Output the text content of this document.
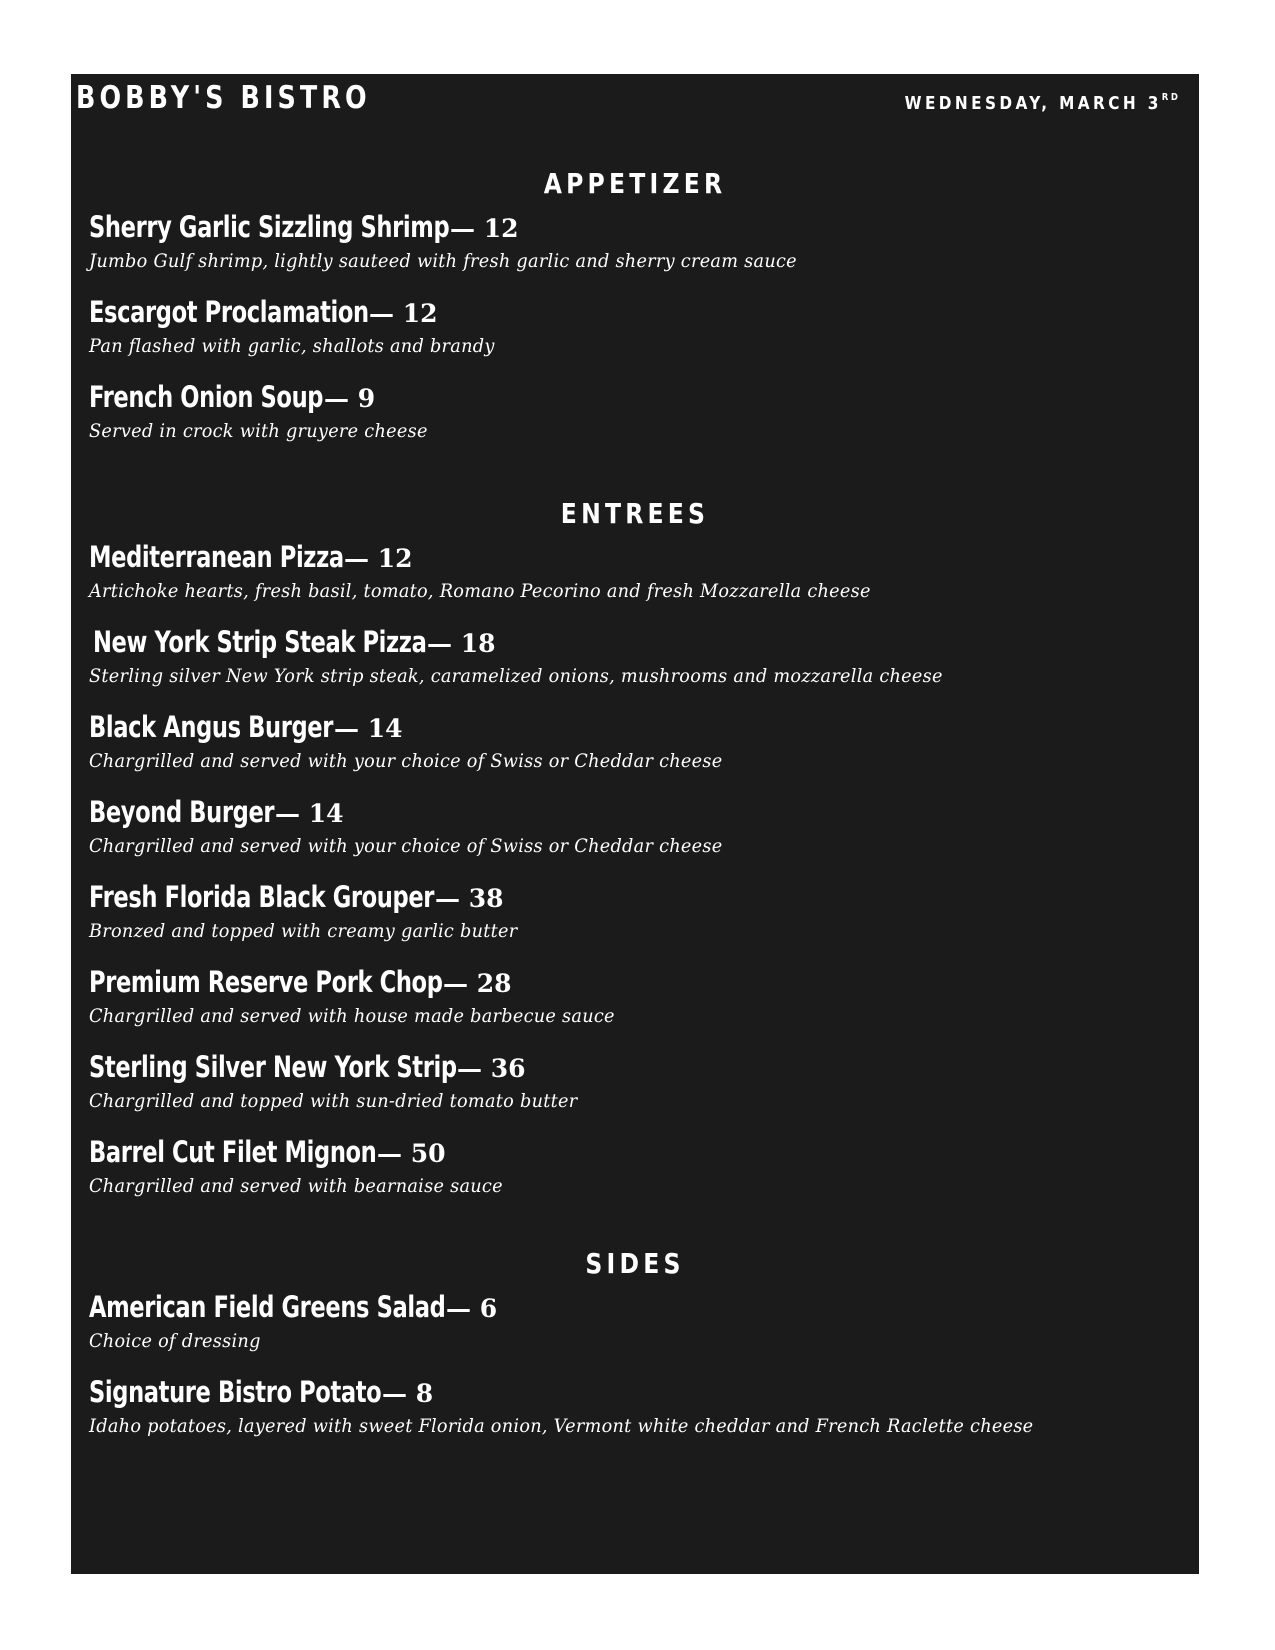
BOBBY'S BISTRO	WEDNESDAY, MARCH 3RD
APPETIZER
Sherry Garlic Sizzling Shrimp— 12
Jumbo Gulf shrimp, lightly sauteed with fresh garlic and sherry cream sauce
Escargot Proclamation— 12
Pan flashed with garlic, shallots and brandy
French Onion Soup— 9
Served in crock with gruyere cheese
ENTREES
Mediterranean Pizza— 12
Artichoke hearts, fresh basil, tomato, Romano Pecorino and fresh Mozzarella cheese
New York Strip Steak Pizza— 18
Sterling silver New York strip steak, caramelized onions, mushrooms and mozzarella cheese
Black Angus Burger— 14
Chargrilled and served with your choice of Swiss or Cheddar cheese
Beyond Burger— 14
Chargrilled and served with your choice of Swiss or Cheddar cheese
Fresh Florida Black Grouper— 38
Bronzed and topped with creamy garlic butter
Premium Reserve Pork Chop— 28
Chargrilled and served with house made barbecue sauce
Sterling Silver New York Strip— 36
Chargrilled and topped with sun-dried tomato butter
Barrel Cut Filet Mignon— 50
Chargrilled and served with bearnaise sauce
SIDES
American Field Greens Salad— 6
Choice of dressing
Signature Bistro Potato— 8
Idaho potatoes, layered with sweet Florida onion, Vermont white cheddar and French Raclette cheese
